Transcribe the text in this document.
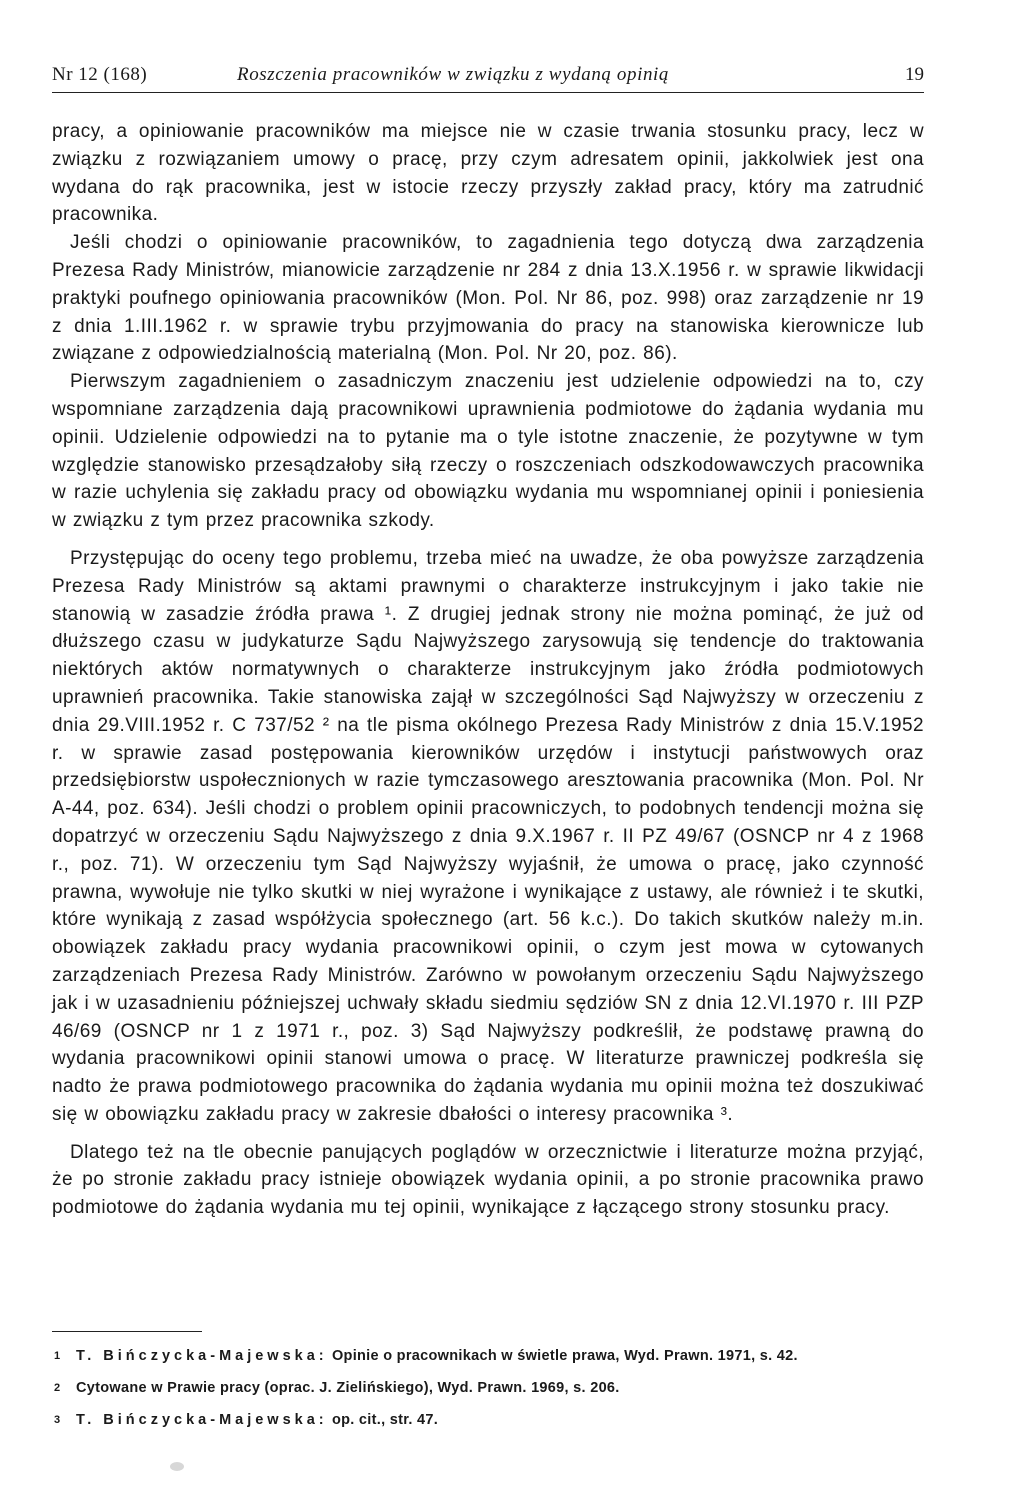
Nr 12 (168)	Roszczenia pracowników w związku z wydaną opinią	19

pracy, a opiniowanie pracowników ma miejsce nie w czasie trwania stosunku pracy, lecz w związku z rozwiązaniem umowy o pracę, przy czym adresatem opinii, jakkolwiek jest ona wydana do rąk pracownika, jest w istocie rzeczy przyszły zakład pracy, który ma zatrudnić pracownika.

Jeśli chodzi o opiniowanie pracowników, to zagadnienia tego dotyczą dwa zarządzenia Prezesa Rady Ministrów, mianowicie zarządzenie nr 284 z dnia 13.X.1956 r. w sprawie likwidacji praktyki poufnego opiniowania pracowników (Mon. Pol. Nr 86, poz. 998) oraz zarządzenie nr 19 z dnia 1.III.1962 r. w sprawie trybu przyjmowania do pracy na stanowiska kierownicze lub związane z odpowiedzialnością materialną (Mon. Pol. Nr 20, poz. 86).

Pierwszym zagadnieniem o zasadniczym znaczeniu jest udzielenie odpowiedzi na to, czy wspomniane zarządzenia dają pracownikowi uprawnienia podmiotowe do żądania wydania mu opinii. Udzielenie odpowiedzi na to pytanie ma o tyle istotne znaczenie, że pozytywne w tym względzie stanowisko przesądzałoby siłą rzeczy o roszczeniach odszkodowawczych pracownika w razie uchylenia się zakładu pracy od obowiązku wydania mu wspomnianej opinii i poniesienia w związku z tym przez pracownika szkody.

Przystępując do oceny tego problemu, trzeba mieć na uwadze, że oba powyższe zarządzenia Prezesa Rady Ministrów są aktami prawnymi o charakterze instrukcyjnym i jako takie nie stanowią w zasadzie źródła prawa ¹. Z drugiej jednak strony nie można pominąć, że już od dłuższego czasu w judykaturze Sądu Najwyższego zarysowują się tendencje do traktowania niektórych aktów normatywnych o charakterze instrukcyjnym jako źródła podmiotowych uprawnień pracownika. Takie stanowiska zajął w szczególności Sąd Najwyższy w orzeczeniu z dnia 29.VIII.1952 r. C 737/52 ² na tle pisma okólnego Prezesa Rady Ministrów z dnia 15.V.1952 r. w sprawie zasad postępowania kierowników urzędów i instytucji państwowych oraz przedsiębiorstw uspołecznionych w razie tymczasowego aresztowania pracownika (Mon. Pol. Nr A-44, poz. 634). Jeśli chodzi o problem opinii pracowniczych, to podobnych tendencji można się dopatrzyć w orzeczeniu Sądu Najwyższego z dnia 9.X.1967 r. II PZ 49/67 (OSNCP nr 4 z 1968 r., poz. 71). W orzeczeniu tym Sąd Najwyższy wyjaśnił, że umowa o pracę, jako czynność prawna, wywołuje nie tylko skutki w niej wyrażone i wynikające z ustawy, ale również i te skutki, które wynikają z zasad współżycia społecznego (art. 56 k.c.). Do takich skutków należy m.in. obowiązek zakładu pracy wydania pracownikowi opinii, o czym jest mowa w cytowanych zarządzeniach Prezesa Rady Ministrów. Zarówno w powołanym orzeczeniu Sądu Najwyższego jak i w uzasadnieniu późniejszej uchwały składu siedmiu sędziów SN z dnia 12.VI.1970 r. III PZP 46/69 (OSNCP nr 1 z 1971 r., poz. 3) Sąd Najwyższy podkreślił, że podstawę prawną do wydania pracownikowi opinii stanowi umowa o pracę. W literaturze prawniczej podkreśla się nadto że prawa podmiotowego pracownika do żądania wydania mu opinii można też doszukiwać się w obowiązku zakładu pracy w zakresie dbałości o interesy pracownika ³.

Dlatego też na tle obecnie panujących poglądów w orzecznictwie i literaturze można przyjąć, że po stronie zakładu pracy istnieje obowiązek wydania opinii, a po stronie pracownika prawo podmiotowe do żądania wydania mu tej opinii, wynikające z łączącego strony stosunku pracy.

1 T. Bińczycka-Majewska: Opinie o pracownikach w świetle prawa, Wyd. Prawn. 1971, s. 42.

2 Cytowane w Prawie pracy (oprac. J. Zielińskiego), Wyd. Prawn. 1969, s. 206.

3 T. Bińczycka-Majewska: op. cit., str. 47.
